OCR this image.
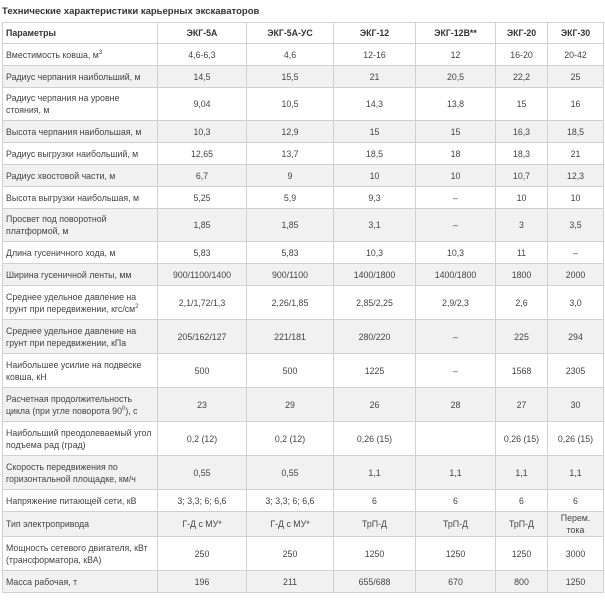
Технические характеристики карьерных экскаваторов
Параметры	ЭКГ-5А	ЭКГ-5А-УС	ЭКГ-12	ЭКГ-12В**	ЭКГ-20	ЭКГ-30
Вместимость ковша, $м^3$	4,6-6,3	4,6	12-16	12	16-20	20-42
Радиус черпания наибольший, м	14,5	15,5	21	20,5	22,2	25
Радиус черпания на уровне стояния, м	9,04	10,5	14,3	13,8	15	16
Высота черпания наибольшая, м	10,3	12,9	15	15	16,3	18,5
Радиус выгрузки наибольший, м	12,65	13,7	18,5	18	18,3	21
Радиус хвостовой части, м	6,7	9	10	10	10,7	12,3
Высота выгрузки наибольшая, м	5,25	5,9	9,3	–	10	10
Просвет под поворотной платформой, м	1,85	1,85	3,1	–	3	3,5
Длина гусеничного хода, м	5,83	5,83	10,3	10,3	11	–
Ширина гусеничной ленты, мм	900/1100/1400	900/1100	1400/1800	1400/1800	1800	2000
Среднее удельное давление на грунт при передвижении, кгс/$см^2$	2,1/1,72/1,3	2,26/1,85	2,85/2,25	2,9/2,3	2,6	3,0
Среднее удельное давление на грунт при передвижении, кПа	205/162/127	221/181	280/220	–	225	294
Наибольшее усилие на подвеске ковша, кН	500	500	1225	–	1568	2305
Расчетная продолжительность цикла (при угле поворота $90^0$), с	23	29	26	28	27	30
Наибольший преодолеваемый угол подъема рад (град)	0,2 (12)	0,2 (12)	0,26 (15)		0,26 (15)	0,26 (15)
Скорость передвижения по горизонтальной площадке, км/ч	0,55	0,55	1,1	1,1	1,1	1,1
Напряжение питающей сети, кВ	3; 3,3; 6; 6,6	3; 3,3; 6; 6,6	6	6	6	6
Тип электропривода	Г-Д с МУ*	Г-Д с МУ*	ТрП-Д	ТрП-Д	ТрП-Д	Перем. тока
Мощность сетевого двигателя, кВт (трансформатора, кВА)	250	250	1250	1250	1250	3000
Масса рабочая, т	196	211	655/688	670	800	1250
